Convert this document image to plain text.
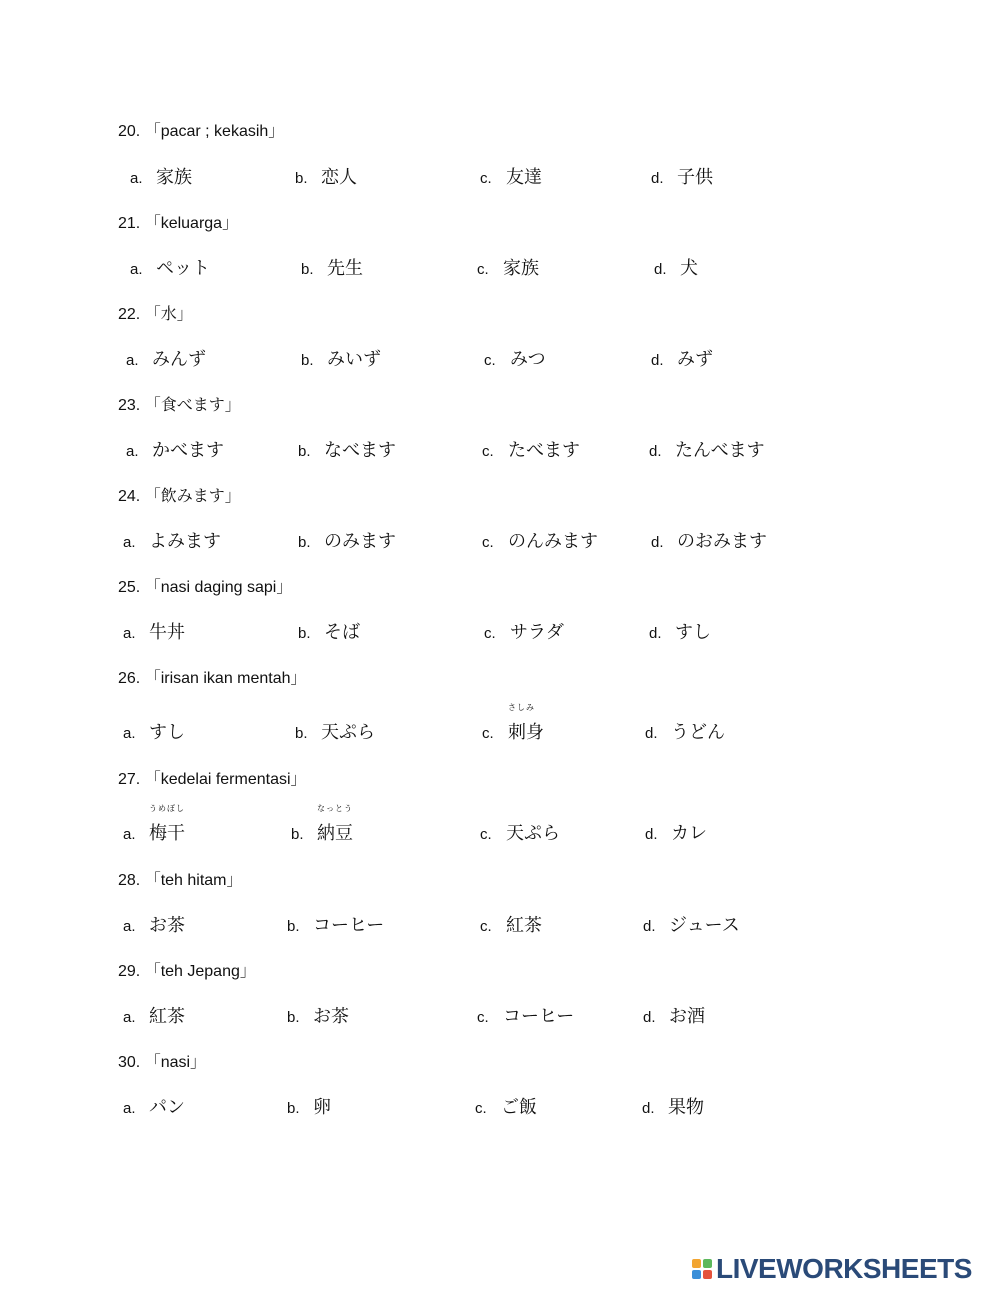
20. 「pacar ; kekasih」
a. 家族	b. 恋人	c. 友達	d. 子供
21. 「keluarga」
a. ペット	b. 先生	c. 家族	d. 犬
22. 「水」
a. みんず	b. みいず	c. みつ	d. みず
23. 「食べます」
a. かべます	b. なべます	c. たべます	d. たんべます
24. 「飲みます」
a. よみます	b. のみます	c. のんみます	d. のおみます
25. 「nasi daging sapi」
a. 牛丼	b. そば	c. サラダ	d. すし
26. 「irisan ikan mentah」
a. すし	b. 天ぷら	c.
さしみ
刺身	d. うどん
27. 「kedelai fermentasi」
a.
うめぼし
梅干	b.
なっとう
納豆	c. 天ぷら	d. カレ
28. 「teh hitam」
a. お茶	b. コーヒー	c. 紅茶	d. ジュース
29. 「teh Jepang」
a. 紅茶	b. お茶	c. コーヒー	d. お酒
30. 「nasi」
a. パン	b. 卵	c. ご飯	d. 果物
LIVEWORKSHEETS
